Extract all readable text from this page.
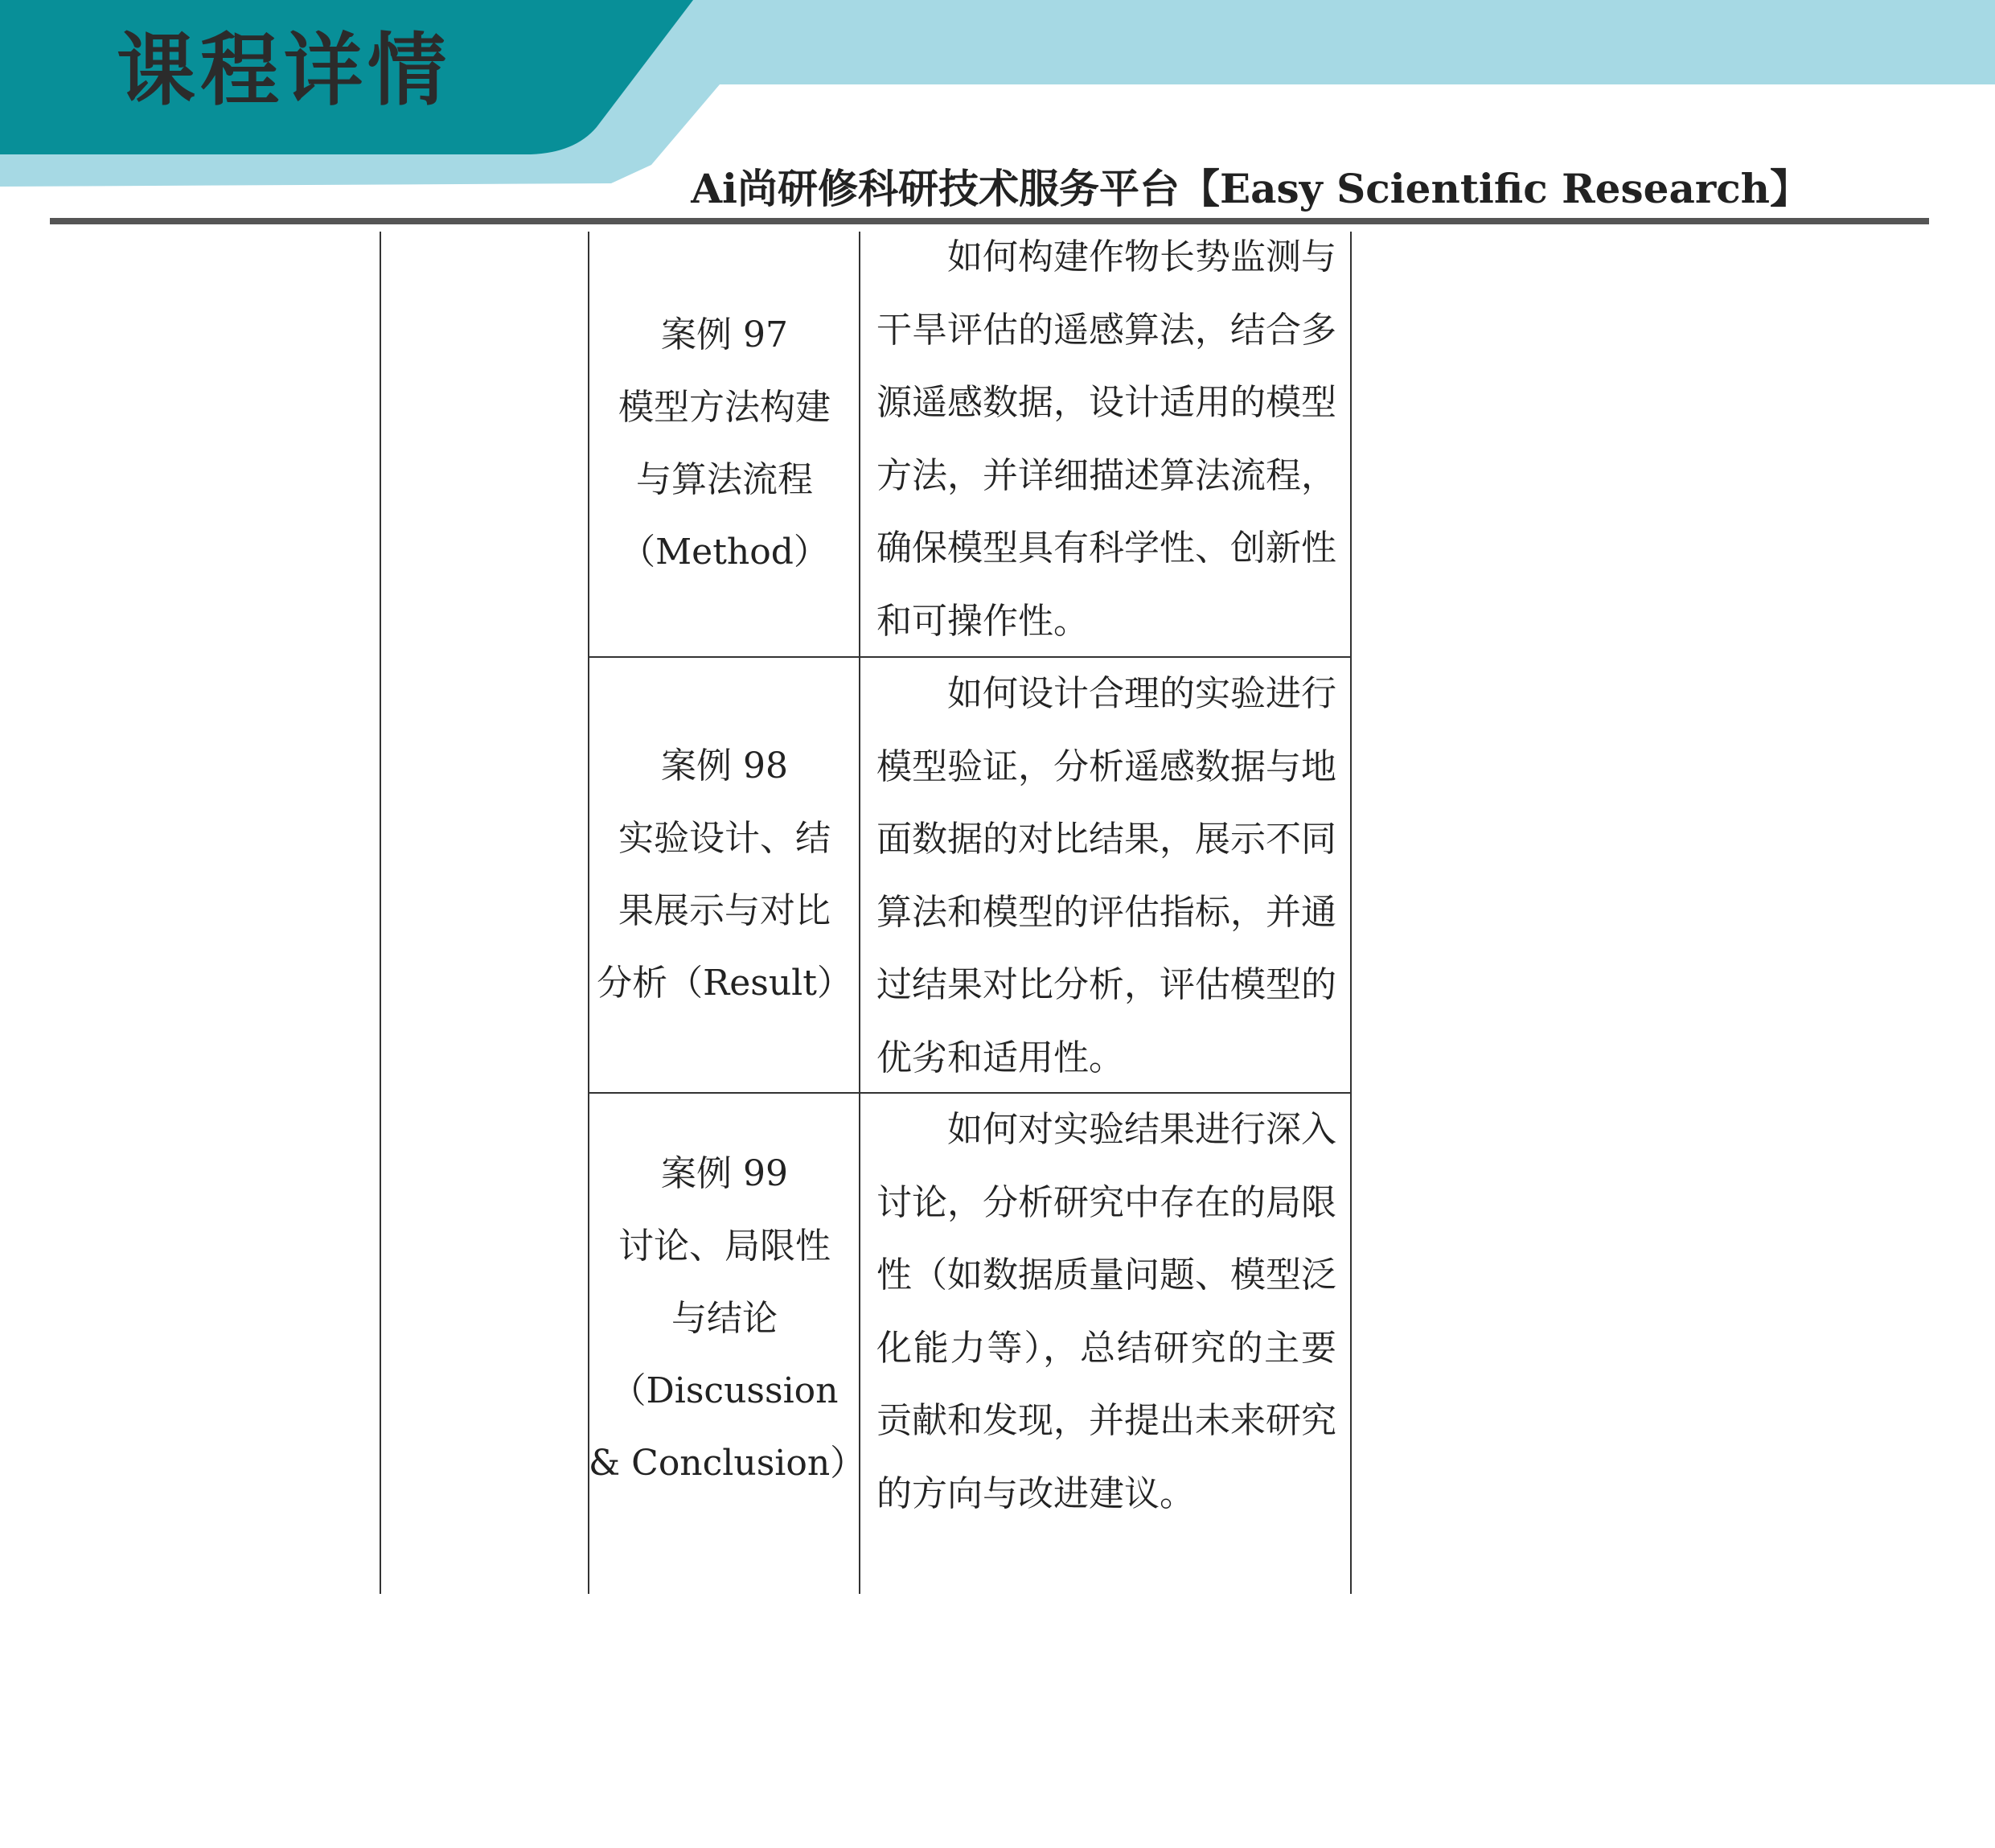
课程详情
Ai尚研修科研技术服务平台【Easy Scientific Research】
案例 97
模型方法构建
与算法流程
（Method）
如何构建作物长势监测与干旱评估的遥感算法，结合多源遥感数据，设计适用的模型方法，并详细描述算法流程，确保模型具有科学性、创新性和可操作性。
案例 98
实验设计、结
果展示与对比
分析（Result）
如何设计合理的实验进行模型验证，分析遥感数据与地面数据的对比结果，展示不同算法和模型的评估指标，并通过结果对比分析，评估模型的优劣和适用性。
案例 99
讨论、局限性
与结论
（Discussion
& Conclusion）
如何对实验结果进行深入讨论，分析研究中存在的局限性（如数据质量问题、模型泛化能力等），总结研究的主要贡献和发现，并提出未来研究的方向与改进建议。
